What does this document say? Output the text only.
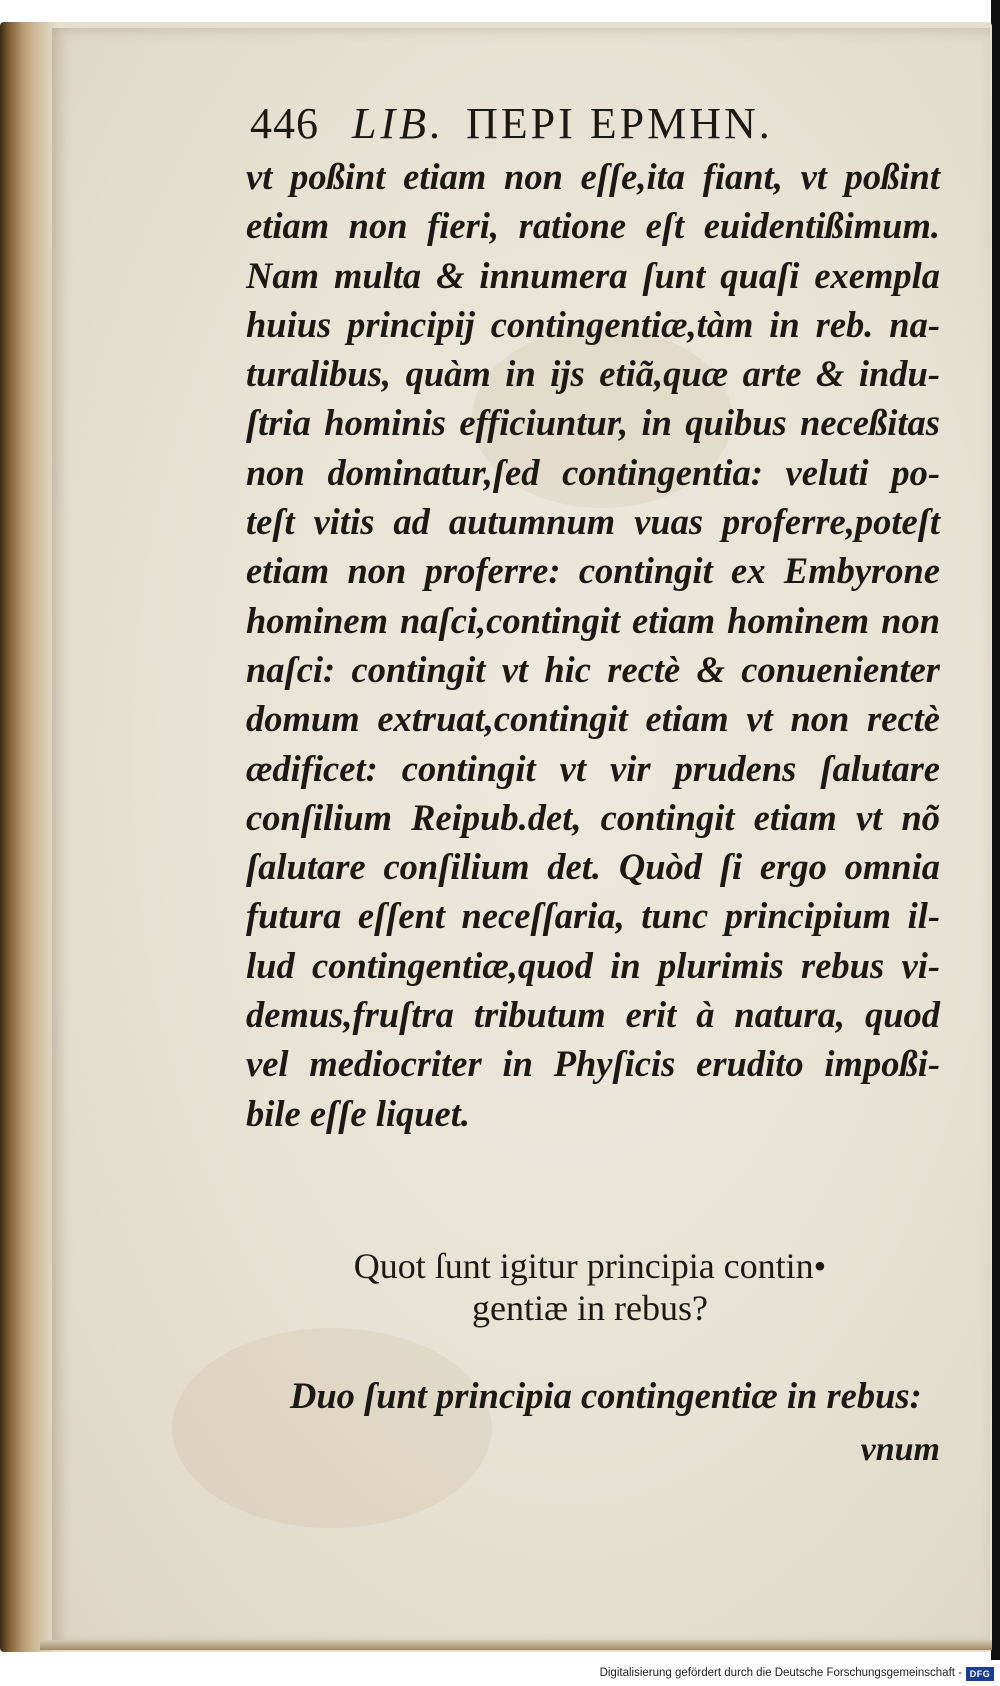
446 LIB. ΠΕΡΙ ΕΡΜΗΝ.
vt poßint etiam non eſſe,ita fiant, vt poßint
etiam non fieri, ratione eſt euidentißimum.
Nam multa & innumera ſunt quaſi exempla
huius principij contingentiæ,tàm in reb. na-
turalibus, quàm in ijs etiã,quæ arte & indu-
ſtria hominis efficiuntur, in quibus neceßitas
non dominatur,ſed contingentia: veluti po-
teſt vitis ad autumnum vuas proferre,poteſt
etiam non proferre: contingit ex Embyrone
hominem naſci,contingit etiam hominem non
naſci: contingit vt hic rectè & conuenienter
domum extruat,contingit etiam vt non rectè
ædificet: contingit vt vir prudens ſalutare
conſilium Reipub.det, contingit etiam vt nõ
ſalutare conſilium det. Quòd ſi ergo omnia
futura eſſent neceſſaria, tunc principium il-
lud contingentiæ,quod in plurimis rebus vi-
demus,fruſtra tributum erit à natura, quod
vel mediocriter in Phyſicis erudito impoßi-
bile eſſe liquet.
Quot ſunt igitur principia contin•
gentiæ in rebus?
Duo ſunt principia contingentiæ in rebus:
vnum
Digitalisierung gefördert durch die Deutsche Forschungsgemeinschaft - DFG
